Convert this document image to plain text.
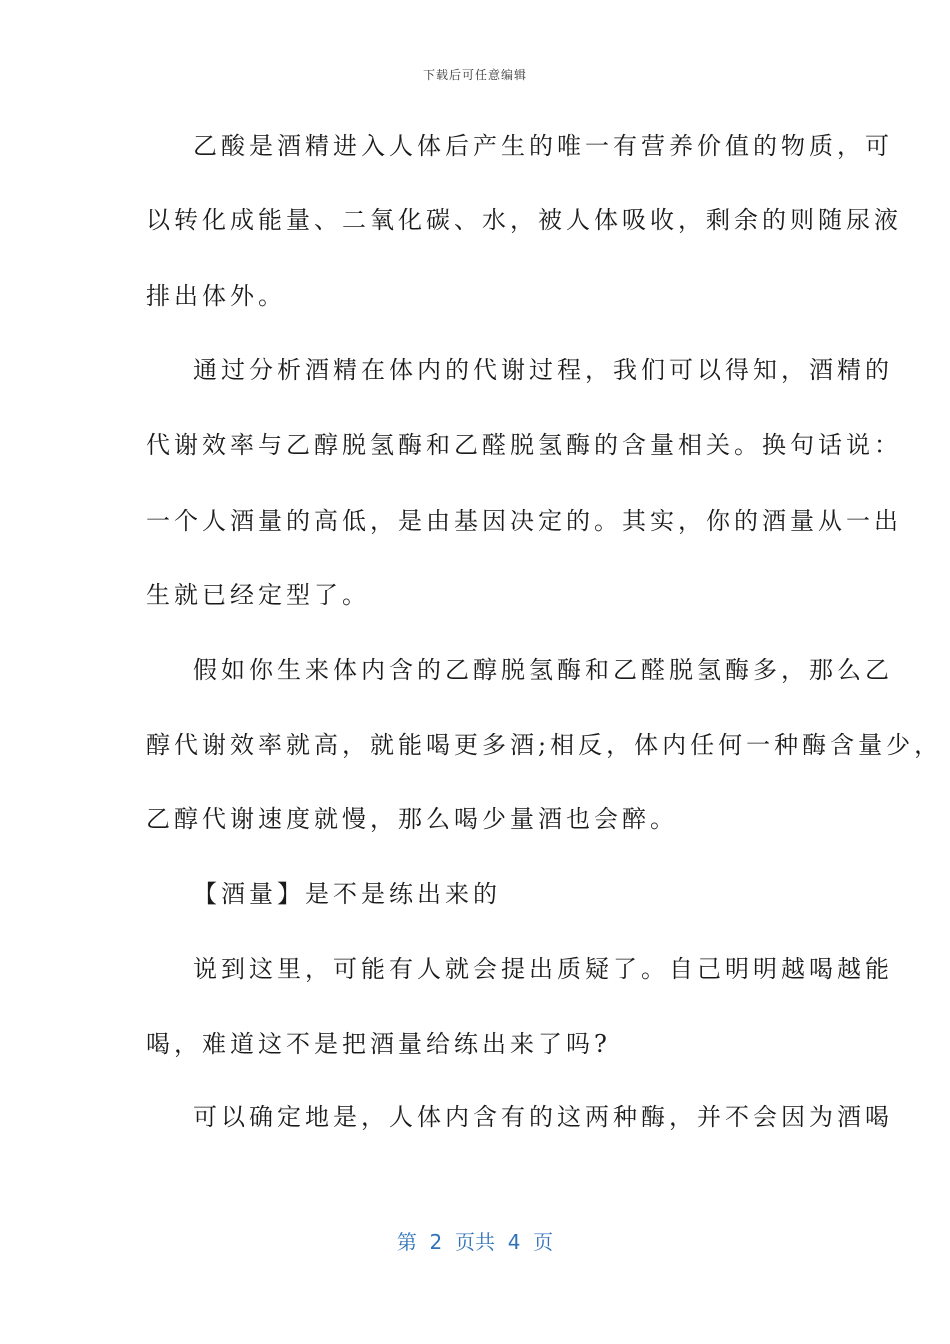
下载后可任意编辑
乙酸是酒精进入人体后产生的唯一有营养价值的物质，可
以转化成能量、二氧化碳、水，被人体吸收，剩余的则随尿液
排出体外。
通过分析酒精在体内的代谢过程，我们可以得知，酒精的
代谢效率与乙醇脱氢酶和乙醛脱氢酶的含量相关。换句话说：
一个人酒量的高低，是由基因决定的。其实，你的酒量从一出
生就已经定型了。
假如你生来体内含的乙醇脱氢酶和乙醛脱氢酶多，那么乙
醇代谢效率就高，就能喝更多酒;相反，体内任何一种酶含量少，
乙醇代谢速度就慢，那么喝少量酒也会醉。
【酒量】是不是练出来的
说到这里，可能有人就会提出质疑了。自己明明越喝越能
喝，难道这不是把酒量给练出来了吗?
可以确定地是，人体内含有的这两种酶，并不会因为酒喝
第  2  页共  4  页
